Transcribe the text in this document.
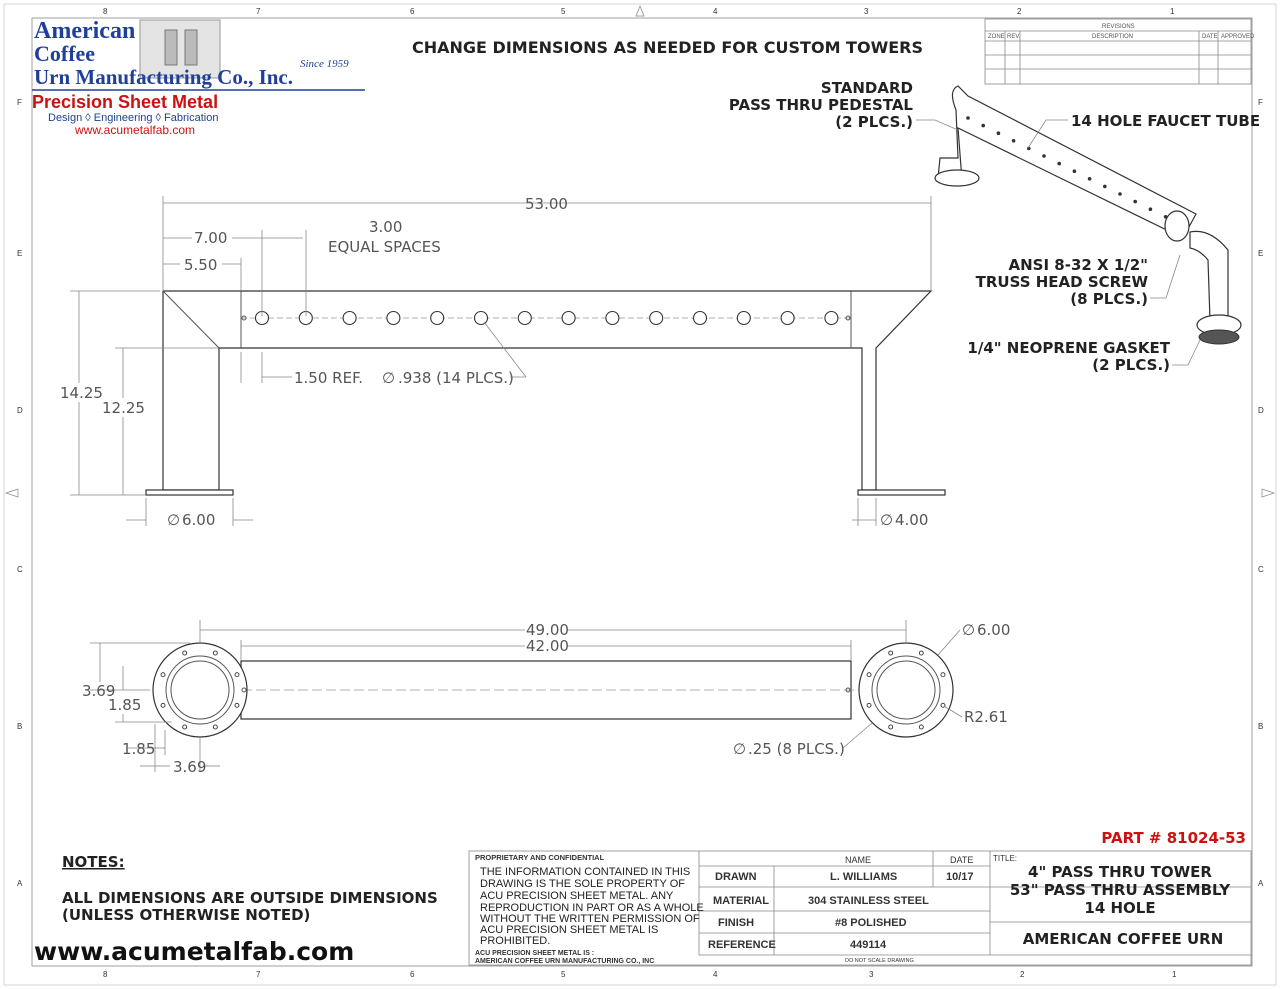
8	7	6	5	4	3	2	1
8	7	6	5	4	3	2	1
F
E
D
C
B
A
F
E
D
C
B
A
American
Coffee
Urn Manufacturing Co., Inc.
Since 1959
Precision Sheet Metal
Design ◊ Engineering ◊ Fabrication
www.acumetalfab.com
CHANGE DIMENSIONS AS NEEDED FOR CUSTOM TOWERS
REVISIONS
ZONE REV.	DESCRIPTION	DATE APPROVED
53.00
7.00
3.00
EQUAL SPACES
5.50
1.50 REF. ∅ .938 (14 PLCS.)
14.25
12.25
∅ 6.00	∅ 4.00
49.00
42.00
∅ 6.00
R2.61
∅ .25 (8 PLCS.)
3.69
1.85
1.85
3.69
STANDARD
PASS THRU PEDESTAL
(2 PLCS.)	14 HOLE FAUCET TUBE
ANSI 8-32 X 1/2"
TRUSS HEAD SCREW
(8 PLCS.)
1/4" NEOPRENE GASKET
(2 PLCS.)
PART # 81024-53
NOTES:
ALL DIMENSIONS ARE OUTSIDE DIMENSIONS
(UNLESS OTHERWISE NOTED)
www.acumetalfab.com
PROPRIETARY AND CONFIDENTIAL
THE INFORMATION CONTAINED IN THIS
DRAWING IS THE SOLE PROPERTY OF
ACU PRECISION SHEET METAL. ANY
REPRODUCTION IN PART OR AS A WHOLE
WITHOUT THE WRITTEN PERMISSION OF
ACU PRECISION SHEET METAL IS
PROHIBITED.
ACU PRECISION SHEET METAL IS :
AMERICAN COFFEE URN MANUFACTURING CO., INC
NAME	DATE TITLE:
DRAWN	L. WILLIAMS	10/17
MATERIAL	304 STAINLESS STEEL
FINISH	#8 POLISHED
REFERENCE	449114
DO NOT SCALE DRAWING
4" PASS THRU TOWER
53" PASS THRU ASSEMBLY
14 HOLE
AMERICAN COFFEE URN
